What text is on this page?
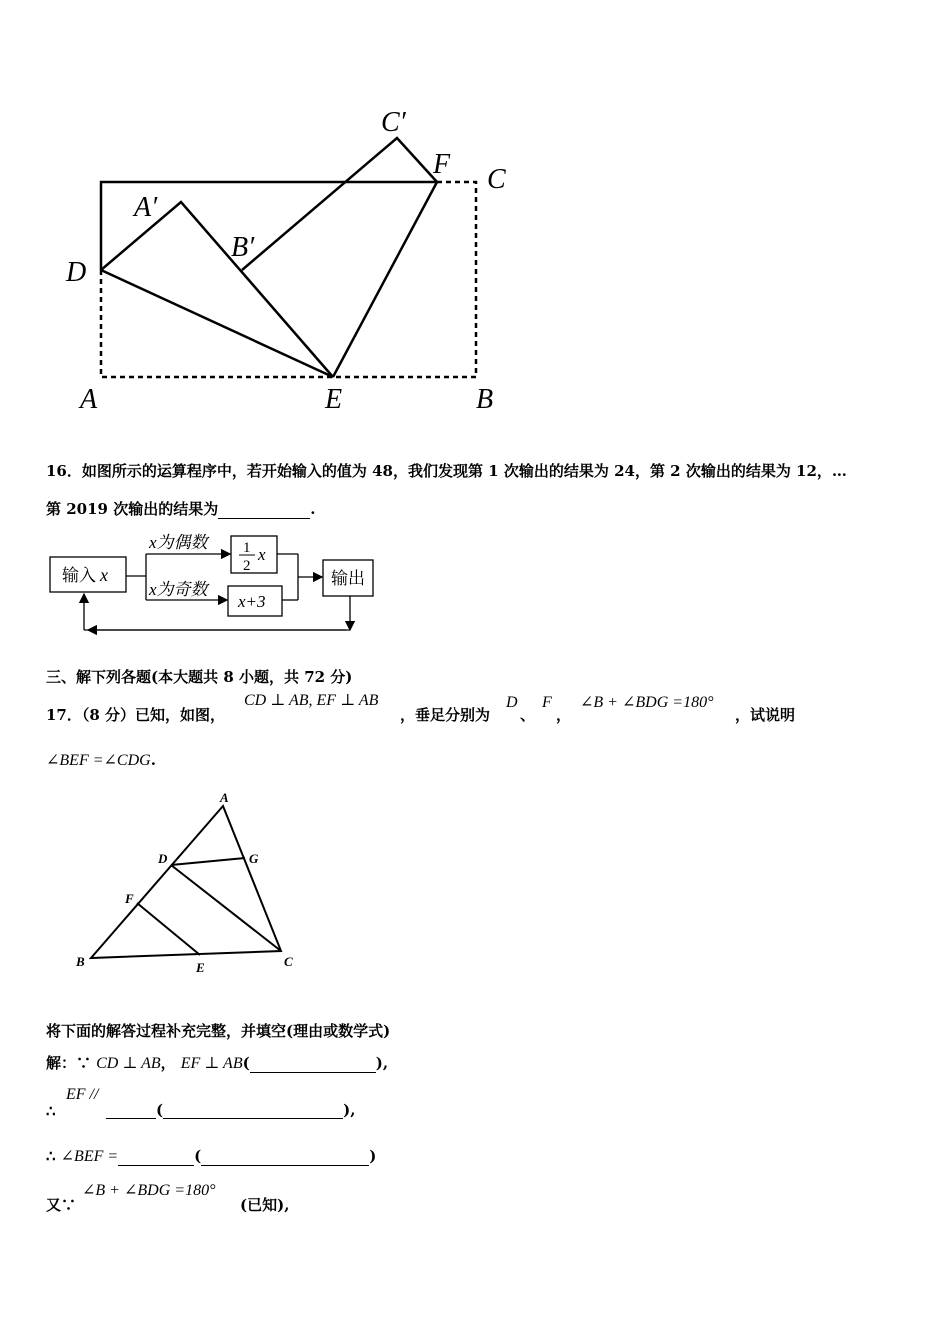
A	E	B
D
C
F
C′
A′
B′
16．如图所示的运算程序中，若开始输入的值为 48，我们发现第 1 次输出的结果为 24，第 2 次输出的结果为 12，…
第 2019 次输出的结果为	.
输入 x
x为偶数
x为奇数
1
2
x
x+3
输出
三、解下列各题(本大题共 8 小题，共 72 分)
17．（8 分）已知，如图，
CD ⊥ AB, EF ⊥ AB
，垂足分别为
D
、
F
，
∠B + ∠BDG =180°
，试说明
∠BEF =∠CDG.
A
D	G
F
B	E	C
将下面的解答过程补充完整，并填空(理由或数学式)
解：∵ CD ⊥ AB， EF ⊥ AB(	),
∴
EF //
(	),
∴ ∠BEF =	(	)
又∵
∠B + ∠BDG =180°
(已知),
